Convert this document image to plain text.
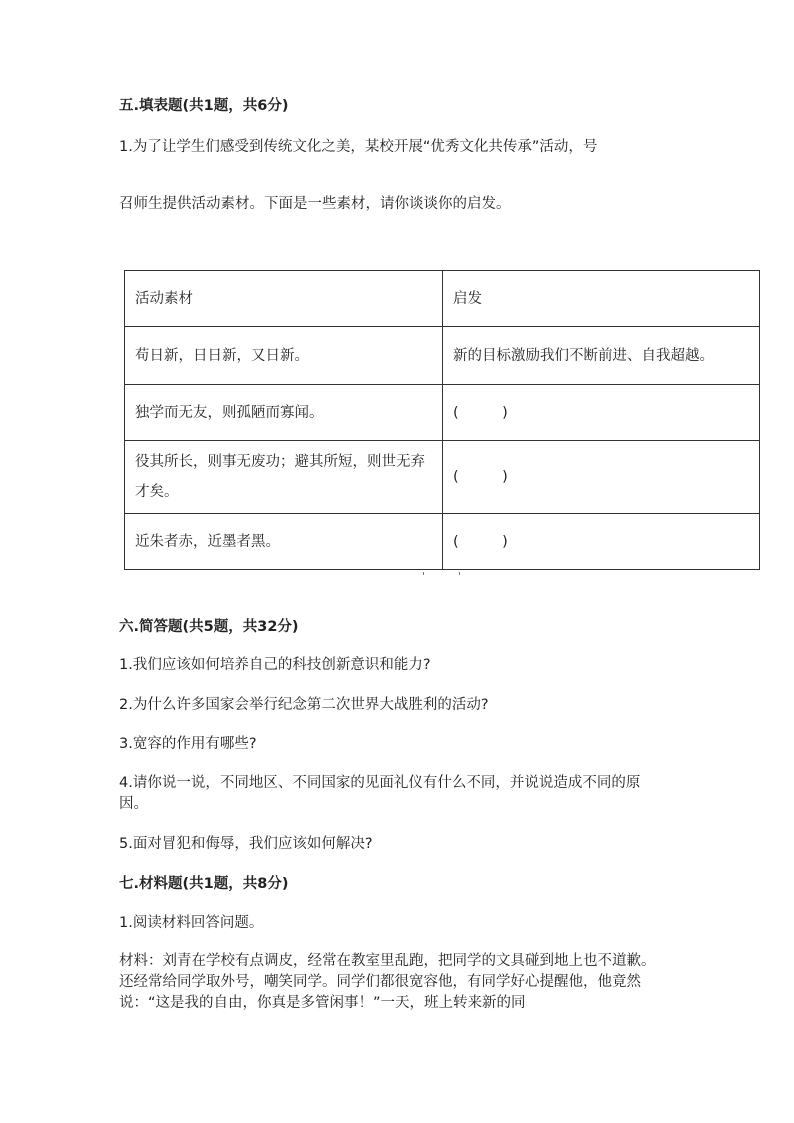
五.填表题(共1题，共6分)
1.为了让学生们感受到传统文化之美，某校开展“优秀文化共传承”活动，号
召师生提供活动素材。下面是一些素材，请你谈谈你的启发。
活动素材	启发
苟日新，日日新，又日新。	新的目标激励我们不断前进、自我超越。
独学而无友，则孤陋而寡闻。	(　　　)
役其所长，则事无废功；避其所短，则世无弃才矣。	(　　　)
近朱者赤，近墨者黑。	(　　　)
六.简答题(共5题，共32分)
1.我们应该如何培养自己的科技创新意识和能力?
2.为什么许多国家会举行纪念第二次世界大战胜利的活动?
3.宽容的作用有哪些?
4.请你说一说，不同地区、不同国家的见面礼仪有什么不同，并说说造成不同的原因。
5.面对冒犯和侮辱，我们应该如何解决?
七.材料题(共1题，共8分)
1.阅读材料回答问题。
材料：刘青在学校有点调皮，经常在教室里乱跑，把同学的文具碰到地上也不道歉。还经常给同学取外号，嘲笑同学。同学们都很宽容他，有同学好心提醒他，他竟然说：“这是我的自由，你真是多管闲事！”一天，班上转来新的同
